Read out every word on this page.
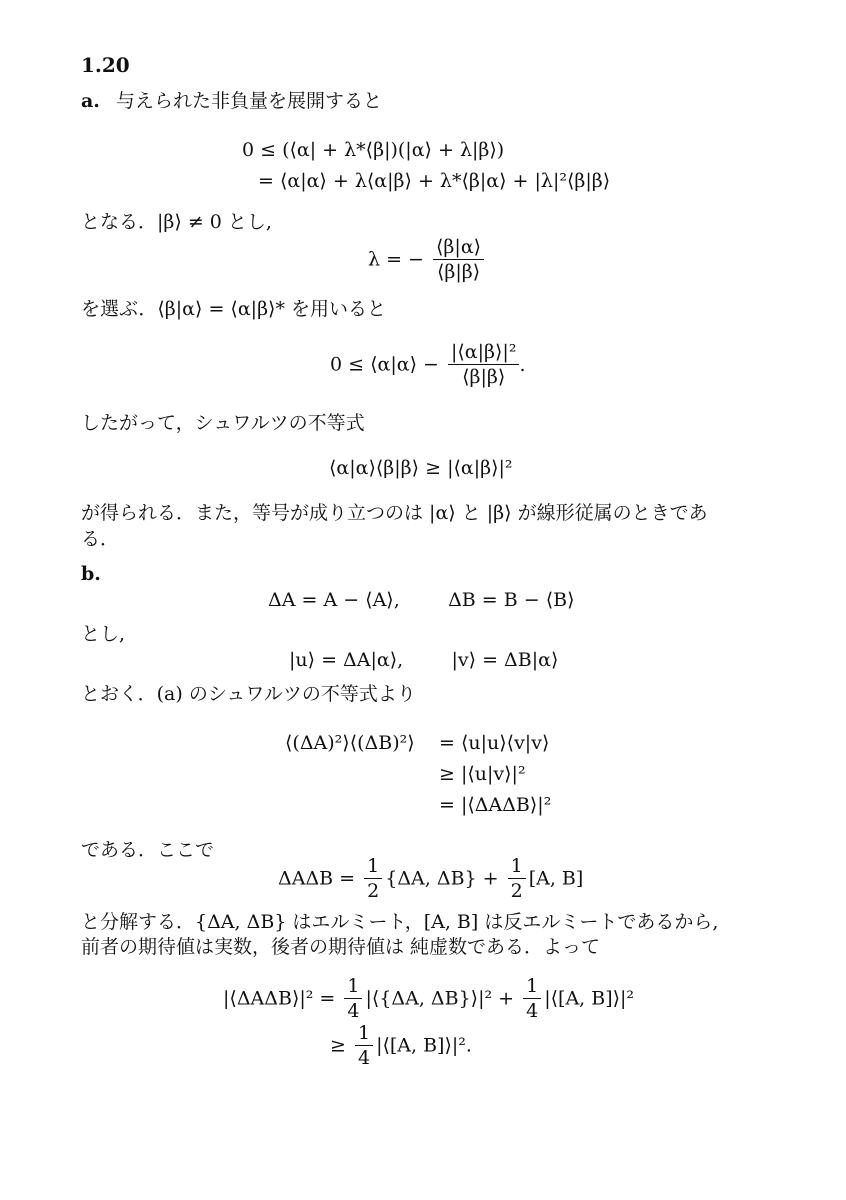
1.20
a. 与えられた非負量を展開すると
0 ≤ (⟨α| + λ*⟨β|)(|α⟩ + λ|β⟩)
= ⟨α|α⟩ + λ⟨α|β⟩ + λ*⟨β|α⟩ + |λ|²⟨β|β⟩
となる．|β⟩ ≠ 0 とし,
λ = − $\frac{⟨\beta|\alpha⟩}{⟨\beta|\beta⟩}$
を選ぶ．⟨β|α⟩ = ⟨α|β⟩* を用いると
0 ≤ ⟨α|α⟩ − $\frac{\text{|⟨α|β⟩|²}}{⟨\beta|\beta⟩}$ .
したがって，シュワルツの不等式
⟨α|α⟩⟨β|β⟩ ≥ |⟨α|β⟩|²
が得られる．また，等号が成り立つのは |α⟩ と |β⟩ が線形従属のときであ
る．
b.
ΔA = A − ⟨A⟩,        ΔB = B − ⟨B⟩
とし,
|u⟩ = ΔA|α⟩,        |v⟩ = ΔB|α⟩
とおく．(a) のシュワルツの不等式より
⟨(ΔA)²⟩⟨(ΔB)²⟩ = ⟨u|u⟩⟨v|v⟩
≥ |⟨u|v⟩|²
= |⟨ΔAΔB⟩|²
である．ここで
$\Delta A\Delta B = \frac{1}{2} \{\Delta A$, $\Delta B\} + \frac{1}{2} [A$, B]
と分解する．{ΔA, ΔB} はエルミート，[A, B] は反エルミートであるから,
前者の期待値は実数，後者の期待値は 純虚数である．よって
|⟨ΔAΔB⟩|² = $\frac{1}{4}$ |⟨{ΔA, ΔB}⟩|² + $\frac{1}{4}$ |⟨[A, B]⟩|²
≥ $\frac{1}{4}$ |⟨[A, B]⟩|².
